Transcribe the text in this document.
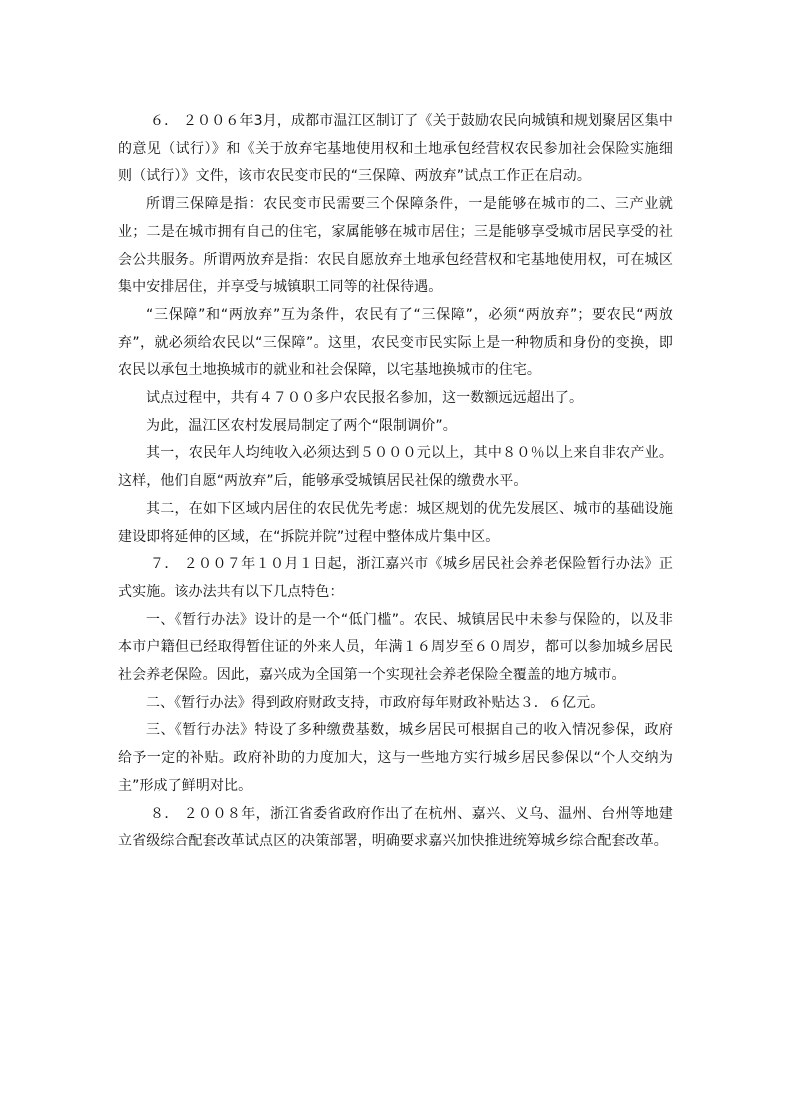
６． ２００６年3月，成都市温江区制订了《关于鼓励农民向城镇和规划聚居区集中的意见（试行）》和《关于放弃宅基地使用权和土地承包经营权农民参加社会保险实施细则（试行）》文件，该市农民变市民的“三保障、两放弃”试点工作正在启动。

所谓三保障是指：农民变市民需要三个保障条件，一是能够在城市的二、三产业就业；二是在城市拥有自己的住宅，家属能够在城市居住；三是能够享受城市居民享受的社会公共服务。所谓两放弃是指：农民自愿放弃土地承包经营权和宅基地使用权，可在城区集中安排居住，并享受与城镇职工同等的社保待遇。

“三保障”和“两放弃”互为条件，农民有了“三保障”，必须“两放弃”；要农民“两放弃”，就必须给农民以“三保障”。这里，农民变市民实际上是一种物质和身份的变换，即农民以承包土地换城市的就业和社会保障，以宅基地换城市的住宅。

试点过程中，共有４７００多户农民报名参加，这一数额远远超出了。

为此，温江区农村发展局制定了两个“限制调价”。

其一，农民年人均纯收入必须达到５０００元以上，其中８０％以上来自非农产业。这样，他们自愿“两放弃”后，能够承受城镇居民社保的缴费水平。

其二，在如下区域内居住的农民优先考虑：城区规划的优先发展区、城市的基础设施建设即将延伸的区域，在“拆院并院”过程中整体成片集中区。

７． ２００７年１０月１日起，浙江嘉兴市《城乡居民社会养老保险暂行办法》正式实施。该办法共有以下几点特色：

一、《暂行办法》设计的是一个“低门槛”。农民、城镇居民中未参与保险的，以及非本市户籍但已经取得暂住证的外来人员，年满１６周岁至６０周岁，都可以参加城乡居民社会养老保险。因此，嘉兴成为全国第一个实现社会养老保险全覆盖的地方城市。

二、《暂行办法》得到政府财政支持，市政府每年财政补贴达３．６亿元。

三、《暂行办法》特设了多种缴费基数，城乡居民可根据自己的收入情况参保，政府给予一定的补贴。政府补助的力度加大，这与一些地方实行城乡居民参保以“个人交纳为主”形成了鲜明对比。

８． ２００８年，浙江省委省政府作出了在杭州、嘉兴、义乌、温州、台州等地建立省级综合配套改革试点区的决策部署，明确要求嘉兴加快推进统筹城乡综合配套改革。
